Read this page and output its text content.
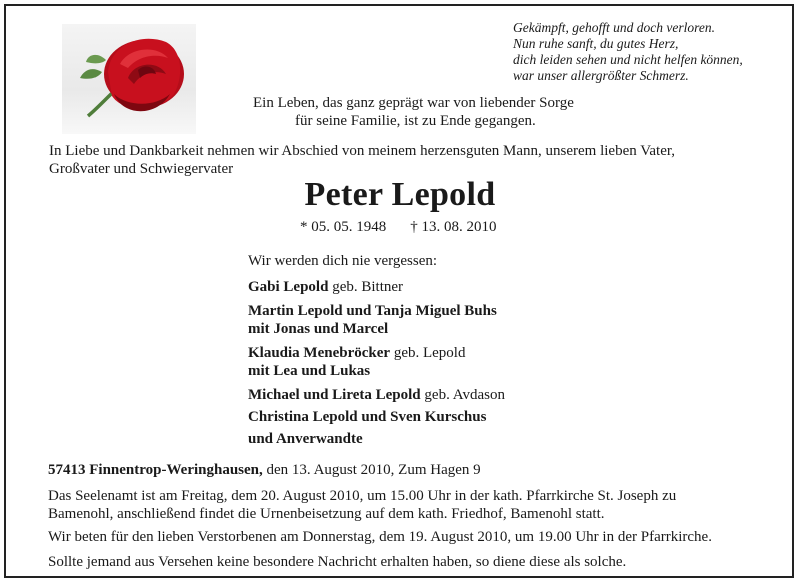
Gekämpft, gehofft und doch verloren.
Nun ruhe sanft, du gutes Herz,
dich leiden sehen und nicht helfen können,
war unser allergrößter Schmerz.
Ein Leben, das ganz geprägt war von liebender Sorge
für seine Familie, ist zu Ende gegangen.
In Liebe und Dankbarkeit nehmen wir Abschied von meinem herzensguten Mann, unserem lieben Vater,
Großvater und Schwiegervater
Peter Lepold
* 05. 05. 1948 † 13. 08. 2010
Wir werden dich nie vergessen:
Gabi Lepold geb. Bittner
Martin Lepold und Tanja Miguel Buhs
mit Jonas und Marcel
Klaudia Menebröcker geb. Lepold
mit Lea und Lukas
Michael und Lireta Lepold geb. Avdason
Christina Lepold und Sven Kurschus
und Anverwandte
57413 Finnentrop-Weringhausen, den 13. August 2010, Zum Hagen 9
Das Seelenamt ist am Freitag, dem 20. August 2010, um 15.00 Uhr in der kath. Pfarrkirche St. Joseph zu
Bamenohl, anschließend findet die Urnenbeisetzung auf dem kath. Friedhof, Bamenohl statt.
Wir beten für den lieben Verstorbenen am Donnerstag, dem 19. August 2010, um 19.00 Uhr in der Pfarrkirche.
Sollte jemand aus Versehen keine besondere Nachricht erhalten haben, so diene diese als solche.
